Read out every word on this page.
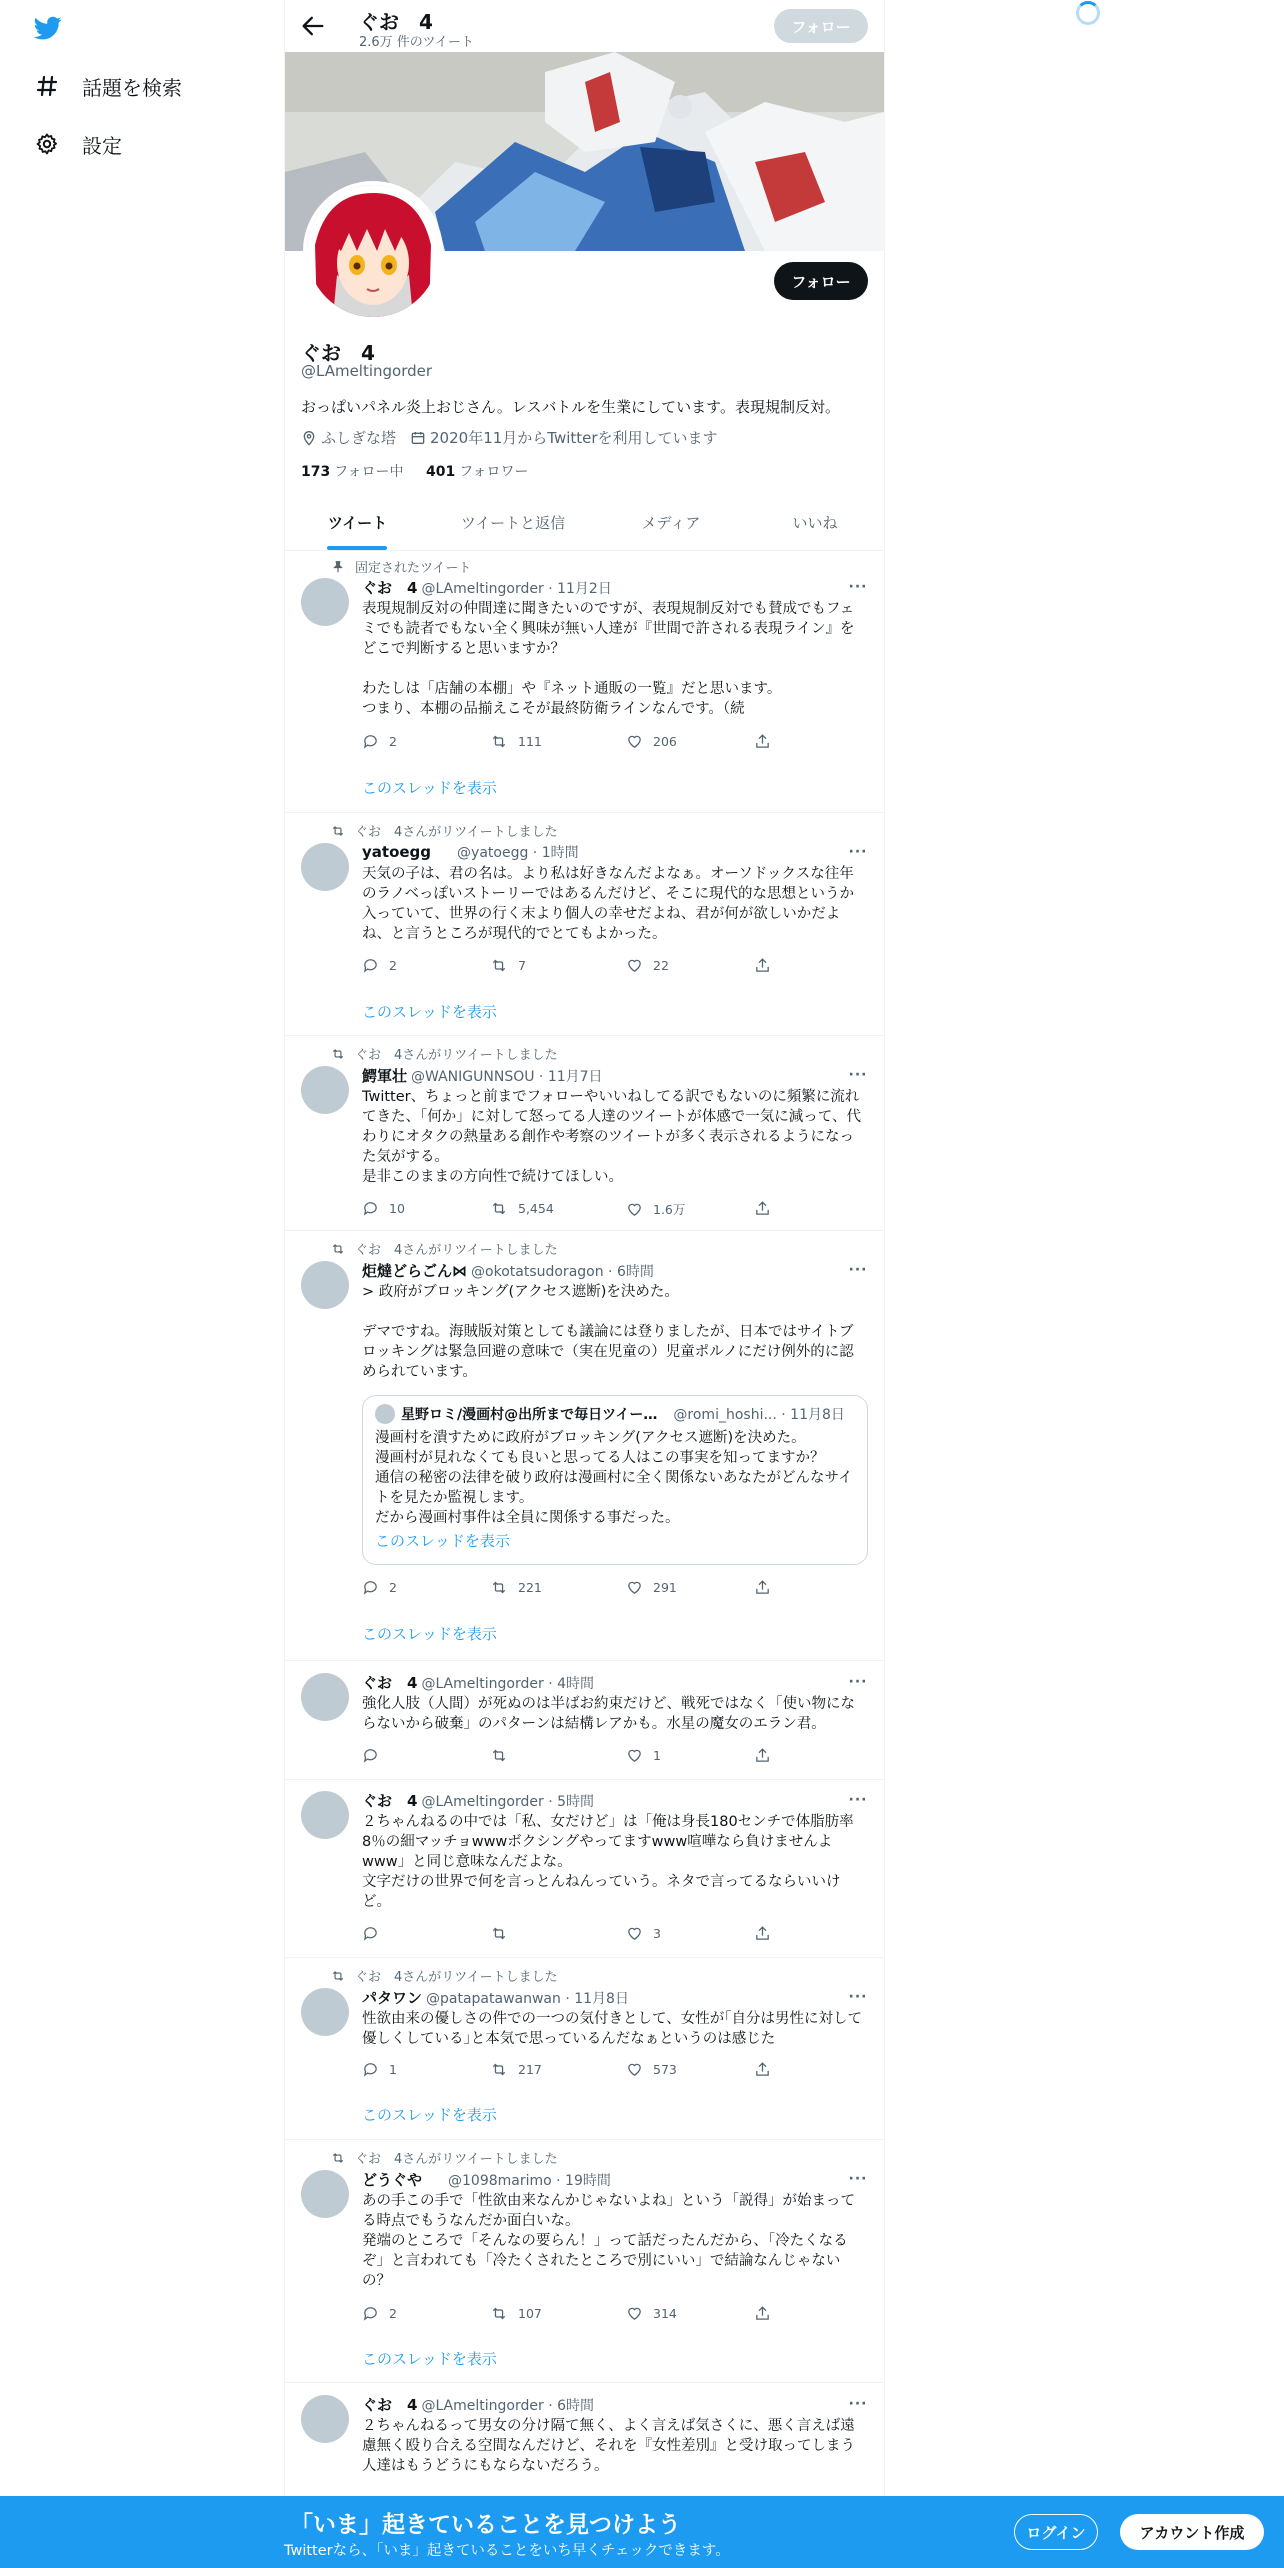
話題を検索
設定
ぐお　4
2.6万 件のツイート
フォロー
フォロー
ぐお　4
@LAmeltingorder
おっぱいパネル炎上おじさん。レスバトルを生業にしています。表現規制反対。
ふしぎな塔 2020年11月からTwitterを利用しています
173 フォロー中 401 フォロワー
ツイート	ツイートと返信	メディア	いいね
固定されたツイート
ぐお　4 @LAmeltingorder · 11月2日	···
表現規制反対の仲間達に聞きたいのですが、表現規制反対でも賛成でもフェミでも読者でもない全く興味が無い人達が『世間で許される表現ライン』をどこで判断すると思いますか？

わたしは「店舗の本棚」や『ネット通販の一覧』だと思います。
つまり、本棚の品揃えこそが最終防衛ラインなんです。（続
2	111	206
このスレッドを表示
ぐお　4さんがリツイートしました
yatoegg @yatoegg · 1時間	···
天気の子は、君の名は。より私は好きなんだよなぁ。オーソドックスな往年のラノベっぽいストーリーではあるんだけど、そこに現代的な思想というか入っていて、世界の行く末より個人の幸せだよね、君が何が欲しいかだよね、と言うところが現代的でとてもよかった。
2	7	22
このスレッドを表示
ぐお　4さんがリツイートしました
鰐軍壮 @WANIGUNNSOU · 11月7日	···
Twitter、ちょっと前までフォローやいいねしてる訳でもないのに頻繁に流れてきた、「何か」に対して怒ってる人達のツイートが体感で一気に減って、代わりにオタクの熱量ある創作や考察のツイートが多く表示されるようになった気がする。
是非このままの方向性で続けてほしい。
10	5,454	1.6万
ぐお　4さんがリツイートしました
炬燵どらごん⋈ @okotatsudoragon · 6時間	···
> 政府がブロッキング(アクセス遮断)を決めた。

デマですね。海賊版対策としても議論には登りましたが、日本ではサイトブロッキングは緊急回避の意味で（実在児童の）児童ポルノにだけ例外的に認められています。
星野ロミ/漫画村@出所まで毎日ツイー… @romi_hoshi... · 11月8日
漫画村を潰すために政府がブロッキング(アクセス遮断)を決めた。
漫画村が見れなくても良いと思ってる人はこの事実を知ってますか？
通信の秘密の法律を破り政府は漫画村に全く関係ないあなたがどんなサイトを見たか監視します。
だから漫画村事件は全員に関係する事だった。
このスレッドを表示
2	221	291
このスレッドを表示
ぐお　4 @LAmeltingorder · 4時間	···
強化人肢（人間）が死ぬのは半ばお約束だけど、戦死ではなく「使い物にならないから破棄」のパターンは結構レアかも。水星の魔女のエラン君。
1
ぐお　4 @LAmeltingorder · 5時間	···
２ちゃんねるの中では「私、女だけど」は「俺は身長180センチで体脂肪率8％の細マッチョwwwボクシングやってますwww喧嘩なら負けませんよwww」と同じ意味なんだよな。
文字だけの世界で何を言っとんねんっていう。ネタで言ってるならいいけど。
3
ぐお　4さんがリツイートしました
パタワン @patapatawanwan · 11月8日	···
性欲由来の優しさの件での一つの気付きとして、女性が｢自分は男性に対して優しくしている｣と本気で思っているんだなぁというのは感じた
1	217	573
このスレッドを表示
ぐお　4さんがリツイートしました
どうぐや @1098marimo · 19時間	···
あの手この手で「性欲由来なんかじゃないよね」という「説得」が始まってる時点でもうなんだか面白いな。
発端のところで「そんなの要らん！」って話だったんだから、「冷たくなるぞ」と言われても「冷たくされたところで別にいい」で結論なんじゃないの？
2	107	314
このスレッドを表示
ぐお　4 @LAmeltingorder · 6時間	···
２ちゃんねるって男女の分け隔て無く、よく言えば気さくに、悪く言えば遠慮無く殴り合える空間なんだけど、それを『女性差別』と受け取ってしまう人達はもうどうにもならないだろう。
「いま」起きていることを見つけよう
Twitterなら、「いま」起きていることをいち早くチェックできます。
ログイン	アカウント作成
